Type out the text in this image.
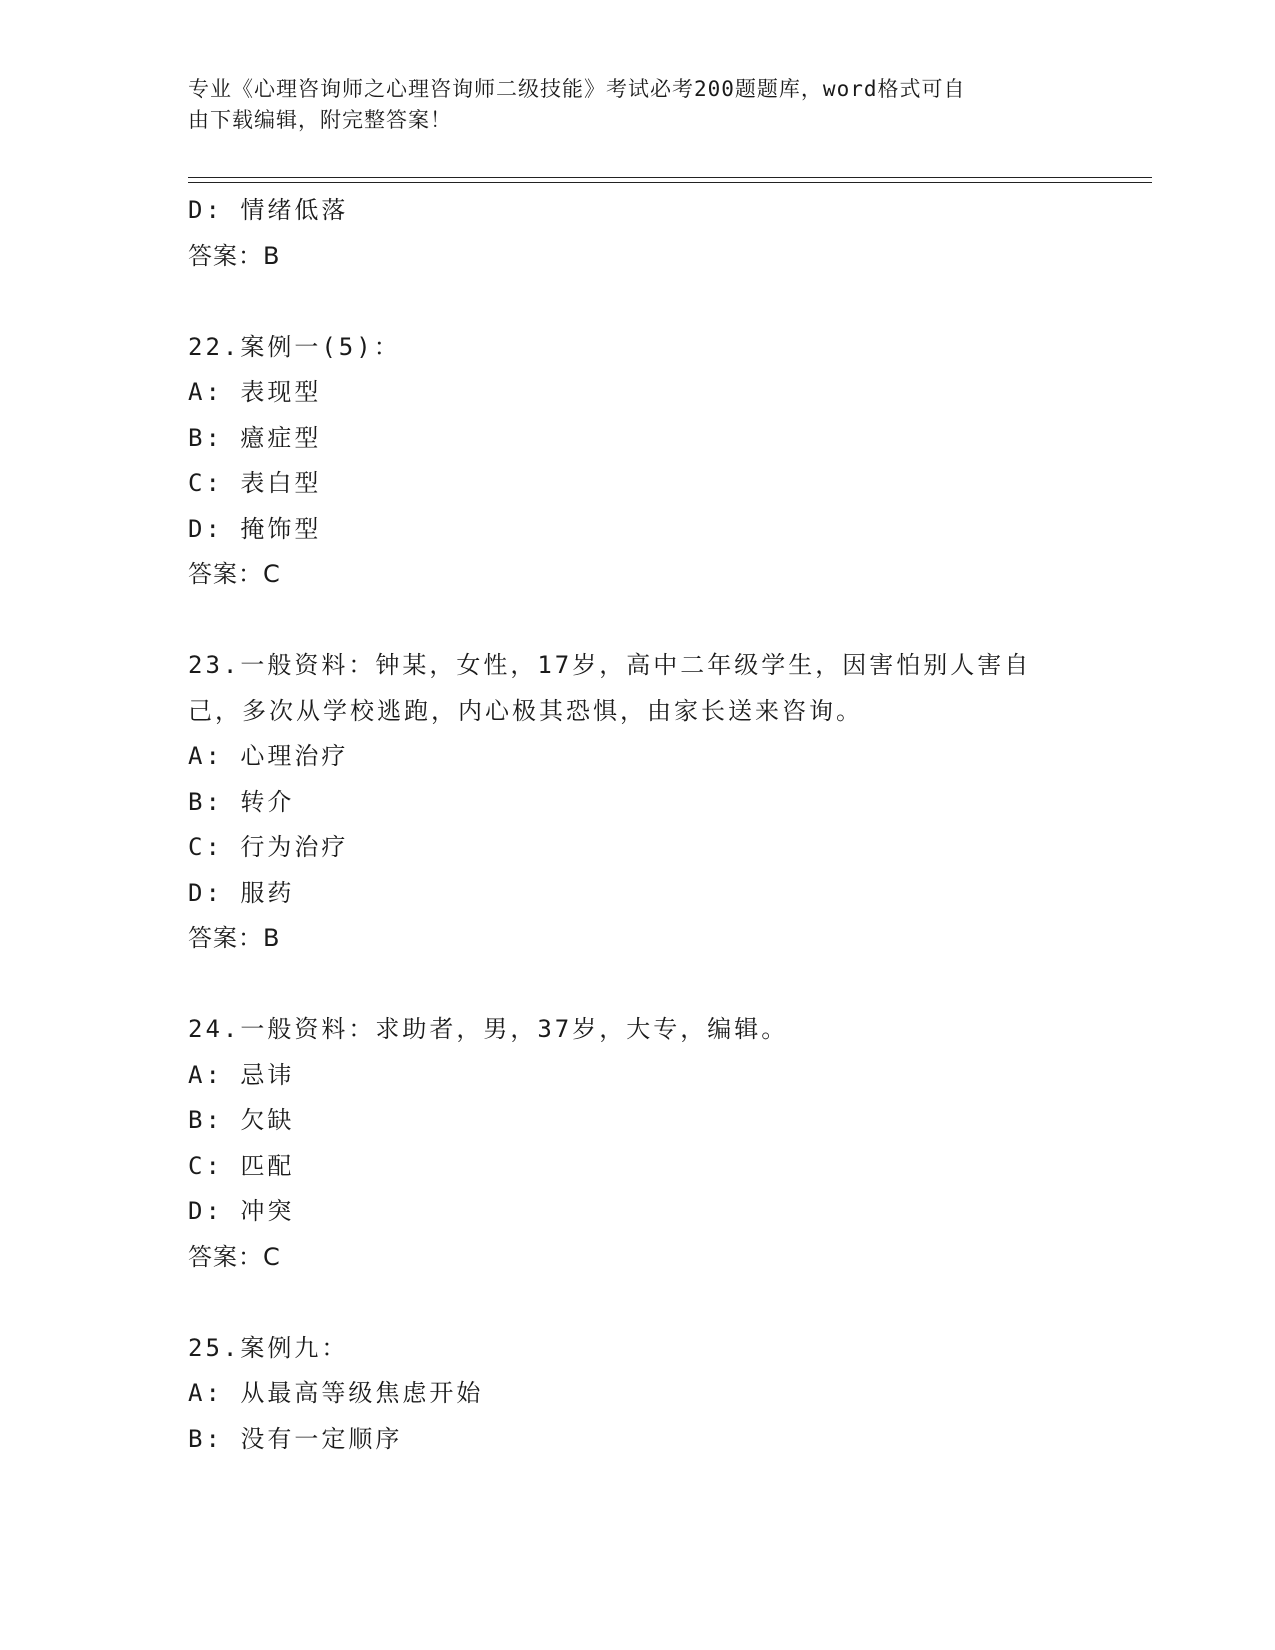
专业《心理咨询师之心理咨询师二级技能》考试必考200题题库，word格式可自
由下载编辑，附完整答案！
D: 情绪低落
答案：B
22.案例一(5)：
A: 表现型
B: 癔症型
C: 表白型
D: 掩饰型
答案：C
23.一般资料：钟某，女性，17岁，高中二年级学生，因害怕别人害自
己，多次从学校逃跑，内心极其恐惧，由家长送来咨询。
A: 心理治疗
B: 转介
C: 行为治疗
D: 服药
答案：B
24.一般资料：求助者，男，37岁，大专，编辑。
A: 忌讳
B: 欠缺
C: 匹配
D: 冲突
答案：C
25.案例九：
A: 从最高等级焦虑开始
B: 没有一定顺序
